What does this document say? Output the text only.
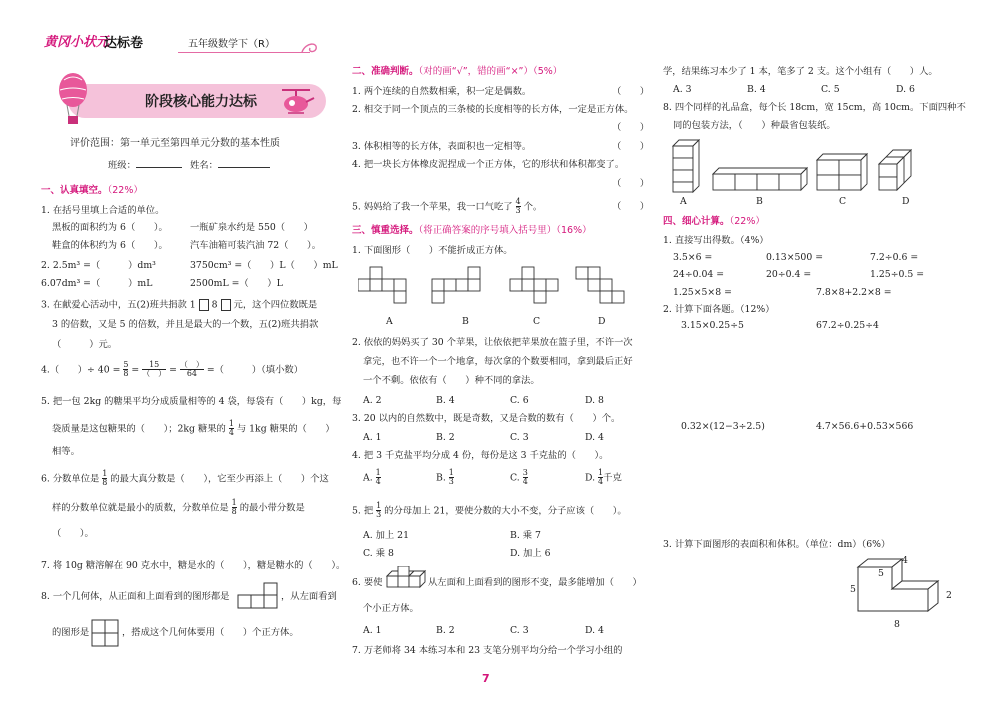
黄冈小状元
达标卷	五年级数学下（R）
阶段核心能力达标
评价范围：第一单元至第四单元分数的基本性质
班级：	姓名：
一、认真填空。（22%）
1. 在括号里填上合适的单位。
黑板的面积约为 6（　　）。 一瓶矿泉水约是 550（　　）
鞋盒的体积约为 6（　　）。 汽车油箱可装汽油 72（　　）。
2. 2.5m³ =（　　　）dm³	3750cm³ =（　　）L（　　）mL
6.07dm³ =（　　　）mL	2500mL =（　　）L
3. 在献爱心活动中，五(2)班共捐款 1 8 元，这个四位数既是
3 的倍数，又是 5 的倍数，并且是最大的一个数，五(2)班共捐款
（　　　）元。
4.（　　）÷ $40 = \frac{5}{8} = \frac{15}{( )} = \frac{( )}{64}$ =（　　　）（填小数）
5. 把一包 2kg 的糖果平均分成质量相等的 4 袋，每袋有（　　）kg，每
袋质量是这包糖果的（　　）；2kg 糖果的 $\frac{1}{4}$ 与 1kg 糖果的（　　）
相等。
6. 分数单位是 $\frac{1}{8}$ 的最大真分数是（　　），它至少再添上（　　）个这
样的分数单位就是最小的质数，分数单位是 $\frac{1}{8}$ 的最小带分数是
（　　）。
7. 将 10g 糖溶解在 90 克水中，糖是水的（　　），糖是糖水的（　　）。
8. 一个几何体，从正面和上面看到的图形都是	，从左面看到
的图形是	，搭成这个几何体要用（　　）个正方体。
二、准确判断。（对的画“√”，错的画“×”）（5%）
1. 两个连续的自然数相乘，积一定是偶数。	（　　）
2. 相交于同一个顶点的三条棱的长度相等的长方体，一定是正方体。
（　　）
3. 体积相等的长方体，表面积也一定相等。	（　　）
4. 把一块长方体橡皮泥捏成一个正方体，它的形状和体积都变了。
（　　）
5. 妈妈给了我一个苹果，我一口气吃了 $\frac{4}{3}$ 个。	（　　）
三、慎重选择。（将正确答案的序号填入括号里）（16%）
1. 下面图形（　　）不能折成正方体。
A	B	C	D
2. 依依的妈妈买了 30 个苹果，让依依把苹果放在篮子里，不许一次
拿完，也不许一个一个地拿，每次拿的个数要相同，拿到最后正好
一个不剩。依依有（　　）种不同的拿法。
A. 2	B. 4	C. 6	D. 8
3. 20 以内的自然数中，既是奇数，又是合数的数有（　　）个。
A. 1	B. 2	C. 3	D. 4
4. 把 3 千克盐平均分成 4 份，每份是这 3 千克盐的（　　）。
A. $\frac{1}{4}$	B. $\frac{1}{3}$	C. $\frac{3}{4}$	D. $\frac{1}{4}$ 千克
5. 把 $\frac{1}{3}$ 的分母加上 21，要使分数的大小不变，分子应该（　　）。
A. 加上 21	B. 乘 7
C. 乘 8	D. 加上 6
6. 要使	从左面和上面看到的图形不变，最多能增加（　　）
个小正方体。
A. 1	B. 2	C. 3	D. 4
7. 万老师将 34 本练习本和 23 支笔分别平均分给一个学习小组的
学，结果练习本少了 1 本，笔多了 2 支。这个小组有（　　）人。
A. 3	B. 4	C. 5	D. 6
8. 四个同样的礼品盒，每个长 18cm，宽 15cm，高 10cm。下面四种不
同的包装方法，（　　）种最省包装纸。
A	B	C	D
四、细心计算。（22%）
1. 直接写出得数。（4%）
3.5×6 =	0.13×500 =	7.2÷0.6 =
24÷0.04 =	20÷0.4 =	1.25÷0.5 =
1.25×5×8 =	7.8×8+2.2×8 =
2. 计算下面各题。（12%）
3.15×0.25÷5	67.2÷0.25÷4
0.32×(12−3÷2.5)	4.7×56.6+0.53×566
3. 计算下面图形的表面积和体积。（单位：dm）（6%）
5
4
5
2
8
7
